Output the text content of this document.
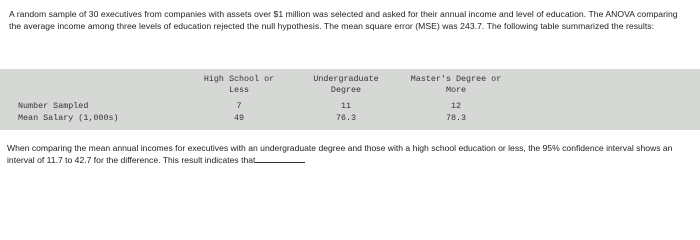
A random sample of 30 executives from companies with assets over $1 million was selected and asked for their annual income and level of education. The ANOVA comparing the average income among three levels of education rejected the null hypothesis. The mean square error (MSE) was 243.7. The following table summarized the results:

High School or
Less
Undergraduate
Degree
Master's Degree or
More
Number Sampled	7	11	12
Mean Salary (1,000s)	49	76.3	78.3

When comparing the mean annual incomes for executives with an undergraduate degree and those with a high school education or less, the 95% confidence interval shows an interval of 11.7 to 42.7 for the difference. This result indicates that
